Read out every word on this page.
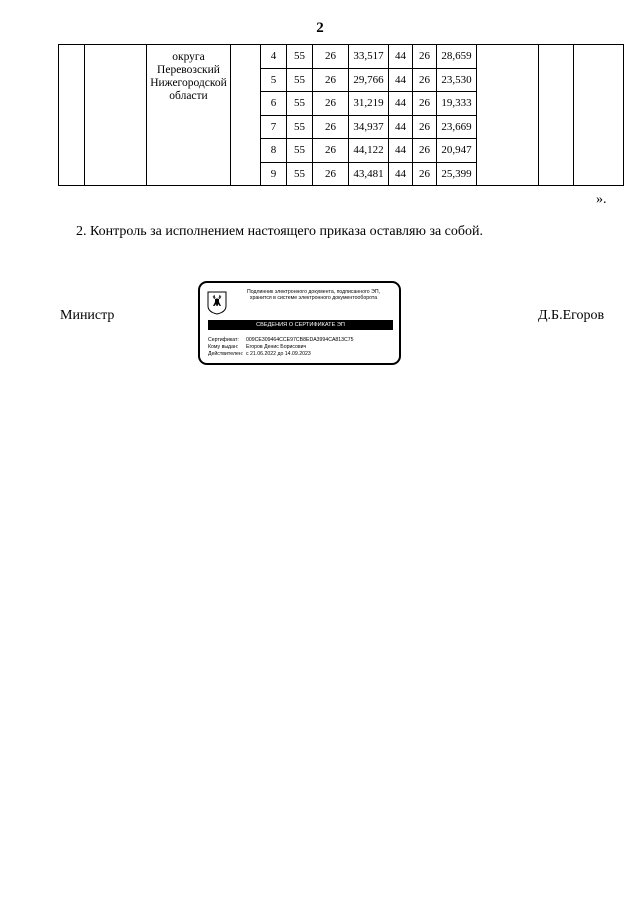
2

		округа
Перевозский
Нижегородской
области		4	55	26	33,517	44	26	28,659			
				5	55	26	29,766	44	26	23,530			
				6	55	26	31,219	44	26	19,333			
				7	55	26	34,937	44	26	23,669			
				8	55	26	44,122	44	26	20,947			
				9	55	26	43,481	44	26	25,399			
».
2. Контроль за исполнением настоящего приказа оставляю за собой.
Министр	Д.Б.Егоров
Подлинник электронного документа, подписанного ЭП,
хранится в системе электронного документооборота
СВЕДЕНИЯ О СЕРТИФИКАТЕ ЭП
Сертификат: 009CE309464CCE97CB8EDA3994CA813C75
Кому выдан: Егоров Денис Борисович
Действителен: с 21.06.2022 до 14.09.2023
